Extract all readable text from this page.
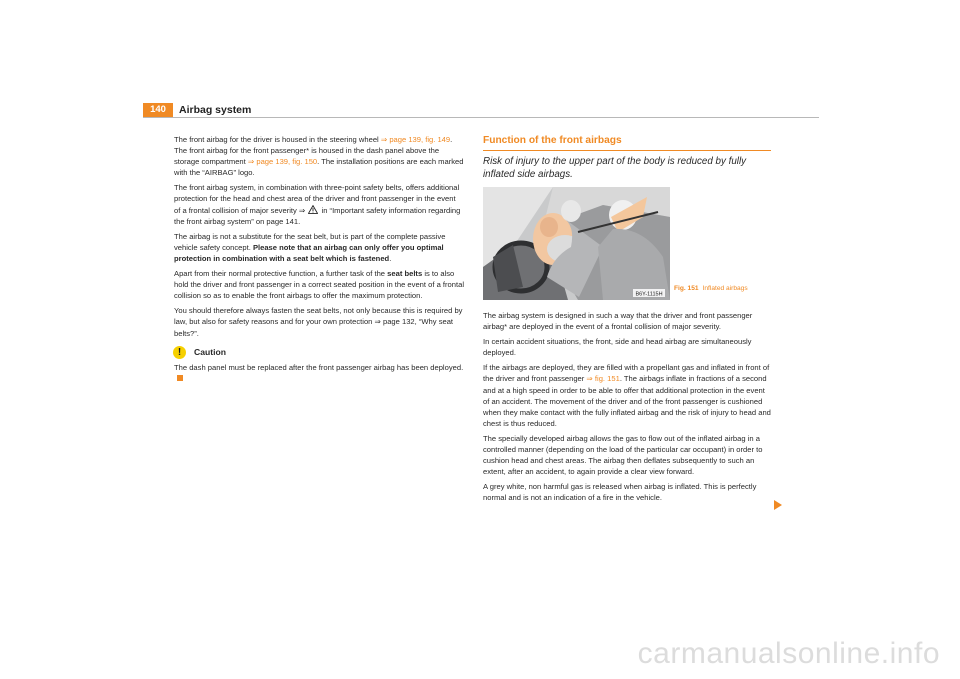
140	Airbag system

The front airbag for the driver is housed in the steering wheel ⇒ page 139, fig. 149. The front airbag for the front passenger* is housed in the dash panel above the storage compartment ⇒ page 139, fig. 150. The installation positions are each marked with the “AIRBAG” logo.

The front airbag system, in combination with three-point safety belts, offers additional protection for the head and chest area of the driver and front passenger in the event of a frontal collision of major severity ⇒  in “Important safety information regarding the front airbag system” on page 141.

The airbag is not a substitute for the seat belt, but is part of the complete passive vehicle safety concept. Please note that an airbag can only offer you optimal protection in combination with a seat belt which is fastened.

Apart from their normal protective function, a further task of the seat belts is to also hold the driver and front passenger in a correct seated position in the event of a frontal collision so as to enable the front airbags to offer the maximum protection.

You should therefore always fasten the seat belts, not only because this is required by law, but also for safety reasons and for your own protection ⇒ page 132, “Why seat belts?”.

!	Caution

The dash panel must be replaced after the front passenger airbag has been deployed.

Function of the front airbags
Risk of injury to the upper part of the body is reduced by fully inflated side airbags.
B6Y-1115H
Fig. 151 Inflated airbags

The airbag system is designed in such a way that the driver and front passenger airbag* are deployed in the event of a frontal collision of major severity.

In certain accident situations, the front, side and head airbag are simultaneously deployed.

If the airbags are deployed, they are filled with a propellant gas and inflated in front of the driver and front passenger ⇒ fig. 151. The airbags inflate in fractions of a second and at a high speed in order to be able to offer that additional protection in the event of an accident. The movement of the driver and of the front passenger is cushioned when they make contact with the fully inflated airbag and the risk of injury to head and chest is thus reduced.

The specially developed airbag allows the gas to flow out of the inflated airbag in a controlled manner (depending on the load of the particular car occupant) in order to cushion head and chest areas. The airbag then deflates subsequently to such an extent, after an accident, to again provide a clear view forward.

A grey white, non harmful gas is released when airbag is inflated. This is perfectly normal and is not an indication of a fire in the vehicle.

carmanualsonline.info
